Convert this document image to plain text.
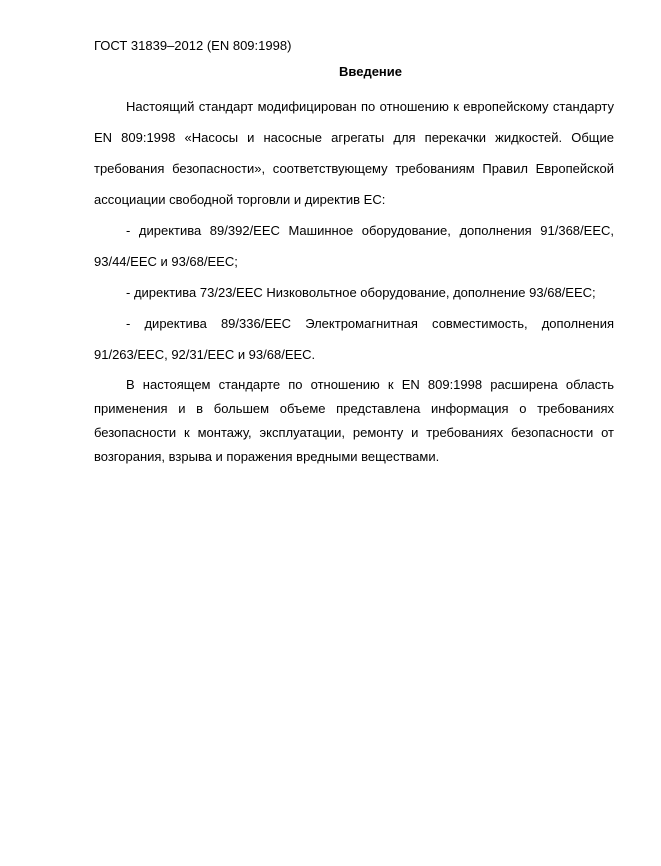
ГОСТ 31839–2012 (EN 809:1998)
Введение

Настоящий стандарт модифицирован по отношению к европейскому стандарту EN 809:1998 «Насосы и насосные агрегаты для перекачки жидкостей. Общие требования безопасности», соответствующему требованиям Правил Европейской ассоциации свободной торговли и директив ЕС:

- директива 89/392/EEC Машинное оборудование, дополнения 91/368/EEC, 93/44/EEC и 93/68/EEC;

- директива 73/23/EEC Низковольтное оборудование, дополнение 93/68/EEC;

- директива 89/336/EEC Электромагнитная совместимость, дополнения 91/263/EEC, 92/31/EEC и 93/68/EEC.

В настоящем стандарте по отношению к EN 809:1998 расширена область применения и в большем объеме представлена информация о требованиях безопасности к монтажу, эксплуатации, ремонту и требованиях безопасности от возгорания, взрыва и поражения вредными веществами.
